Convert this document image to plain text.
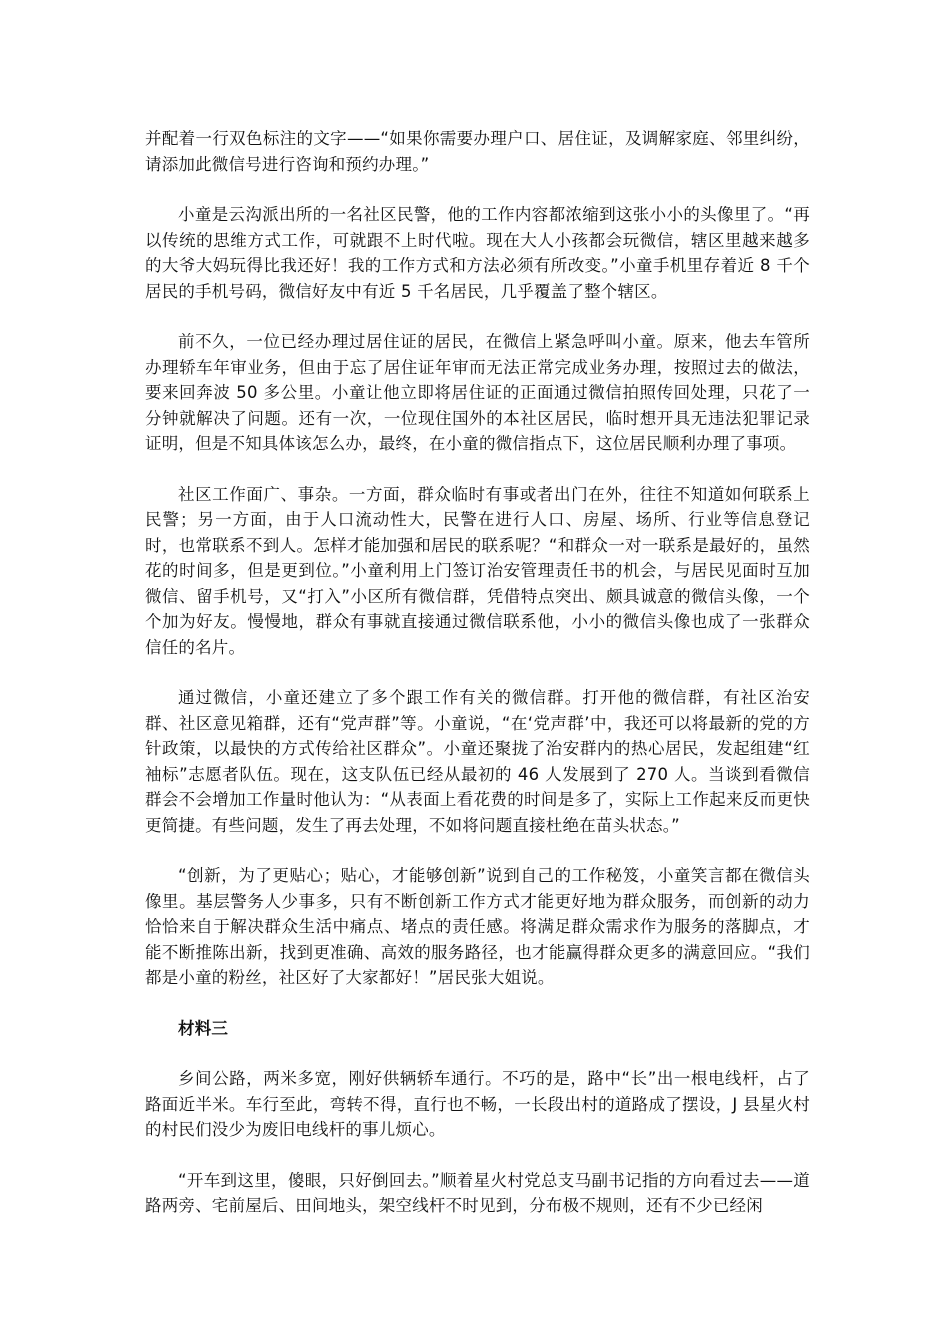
并配着一行双色标注的文字——“如果你需要办理户口、居住证，及调解家庭、邻里纠纷，请添加此微信号进行咨询和预约办理。”

小童是云沟派出所的一名社区民警，他的工作内容都浓缩到这张小小的头像里了。“再以传统的思维方式工作，可就跟不上时代啦。现在大人小孩都会玩微信，辖区里越来越多的大爷大妈玩得比我还好！我的工作方式和方法必须有所改变。”小童手机里存着近 8 千个居民的手机号码，微信好友中有近 5 千名居民，几乎覆盖了整个辖区。

前不久，一位已经办理过居住证的居民，在微信上紧急呼叫小童。原来，他去车管所办理轿车年审业务，但由于忘了居住证年审而无法正常完成业务办理，按照过去的做法，要来回奔波 50 多公里。小童让他立即将居住证的正面通过微信拍照传回处理，只花了一分钟就解决了问题。还有一次，一位现住国外的本社区居民，临时想开具无违法犯罪记录证明，但是不知具体该怎么办，最终，在小童的微信指点下，这位居民顺利办理了事项。

社区工作面广、事杂。一方面，群众临时有事或者出门在外，往往不知道如何联系上民警；另一方面，由于人口流动性大，民警在进行人口、房屋、场所、行业等信息登记时，也常联系不到人。怎样才能加强和居民的联系呢？“和群众一对一联系是最好的，虽然花的时间多，但是更到位。”小童利用上门签订治安管理责任书的机会，与居民见面时互加微信、留手机号，又“打入”小区所有微信群，凭借特点突出、颇具诚意的微信头像，一个个加为好友。慢慢地，群众有事就直接通过微信联系他，小小的微信头像也成了一张群众信任的名片。

通过微信，小童还建立了多个跟工作有关的微信群。打开他的微信群，有社区治安群、社区意见箱群，还有“党声群”等。小童说，“在‘党声群’中，我还可以将最新的党的方针政策，以最快的方式传给社区群众”。小童还聚拢了治安群内的热心居民，发起组建“红袖标”志愿者队伍。现在，这支队伍已经从最初的 46 人发展到了 270 人。当谈到看微信群会不会增加工作量时他认为：“从表面上看花费的时间是多了，实际上工作起来反而更快更简捷。有些问题，发生了再去处理，不如将问题直接杜绝在苗头状态。”

“创新，为了更贴心；贴心，才能够创新”说到自己的工作秘笈，小童笑言都在微信头像里。基层警务人少事多，只有不断创新工作方式才能更好地为群众服务，而创新的动力恰恰来自于解决群众生活中痛点、堵点的责任感。将满足群众需求作为服务的落脚点，才能不断推陈出新，找到更准确、高效的服务路径，也才能赢得群众更多的满意回应。“我们都是小童的粉丝，社区好了大家都好！”居民张大姐说。

材料三

乡间公路，两米多宽，刚好供辆轿车通行。不巧的是，路中“长”出一根电线杆，占了路面近半米。车行至此，弯转不得，直行也不畅，一长段出村的道路成了摆设，J 县星火村的村民们没少为废旧电线杆的事儿烦心。

“开车到这里，傻眼，只好倒回去。”顺着星火村党总支马副书记指的方向看过去——道路两旁、宅前屋后、田间地头，架空线杆不时见到，分布极不规则，还有不少已经闲
